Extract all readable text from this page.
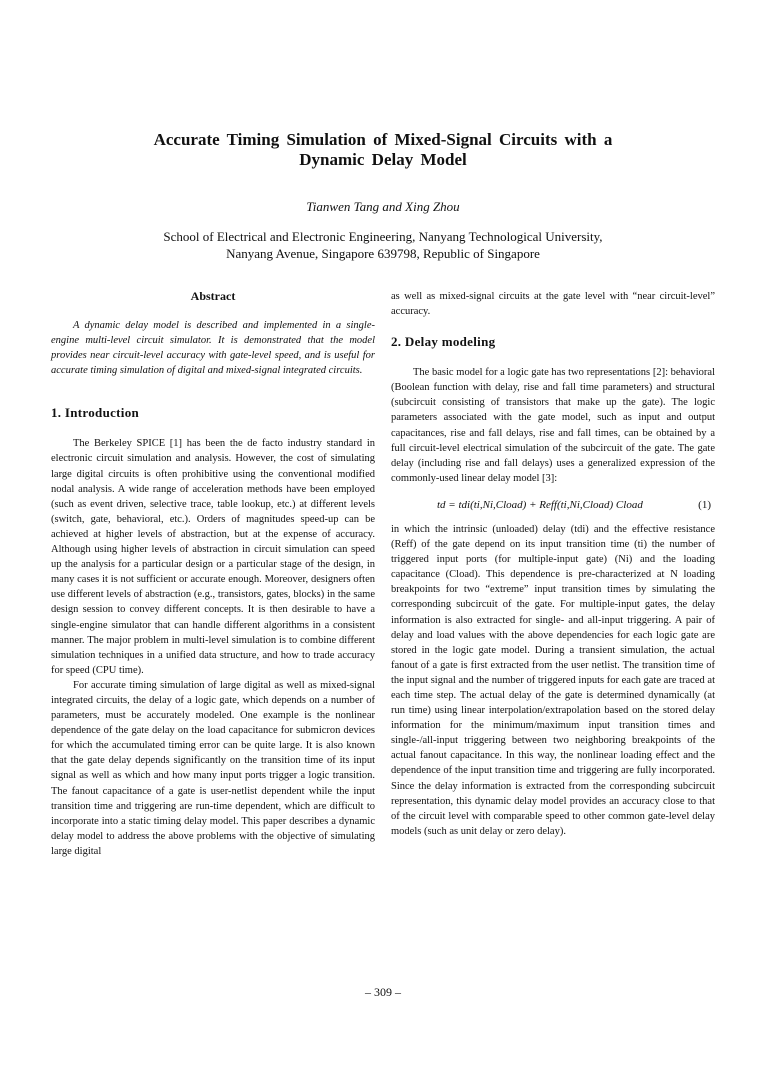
Accurate Timing Simulation of Mixed-Signal Circuits with a
Dynamic Delay Model
Tianwen Tang and Xing Zhou
School of Electrical and Electronic Engineering, Nanyang Technological University,
Nanyang Avenue, Singapore 639798, Republic of Singapore
Abstract

A dynamic delay model is described and implemented in a single-engine multi-level circuit simulator. It is demonstrated that the model provides near circuit-level accuracy with gate-level speed, and is useful for accurate timing simulation of digital and mixed-signal integrated circuits.

1. Introduction

The Berkeley SPICE [1] has been the de facto industry standard in electronic circuit simulation and analysis. However, the cost of simulating large digital circuits is often prohibitive using the conventional modified nodal analysis. A wide range of acceleration methods have been employed (such as event driven, selective trace, table lookup, etc.) at different levels (switch, gate, behavioral, etc.). Orders of magnitudes speed-up can be achieved at higher levels of abstraction, but at the expense of accuracy. Although using higher levels of abstraction in circuit simulation can speed up the analysis for a particular design or a particular stage of the design, in many cases it is not sufficient or accurate enough. Moreover, designers often use different levels of abstraction (e.g., transistors, gates, blocks) in the same design session to convey different concepts. It is then desirable to have a single-engine simulator that can handle different algorithms in a consistent manner. The major problem in multi-level simulation is to combine different simulation techniques in a unified data structure, and how to trade accuracy for speed (CPU time).

For accurate timing simulation of large digital as well as mixed-signal integrated circuits, the delay of a logic gate, which depends on a number of parameters, must be accurately modeled. One example is the nonlinear dependence of the gate delay on the load capacitance for submicron devices for which the accumulated timing error can be quite large. It is also known that the gate delay depends significantly on the transition time of its input signal as well as which and how many input ports trigger a logic transition. The fanout capacitance of a gate is user-netlist dependent while the input transition time and triggering are run-time dependent, which are difficult to incorporate into a static timing delay model. This paper describes a dynamic delay model to address the above problems with the objective of simulating large digital

as well as mixed-signal circuits at the gate level with “near circuit-level” accuracy.

2. Delay modeling

The basic model for a logic gate has two representations [2]: behavioral (Boolean function with delay, rise and fall time parameters) and structural (subcircuit consisting of transistors that make up the gate). The logic parameters associated with the gate model, such as input and output capacitances, rise and fall delays, rise and fall times, can be obtained by a full circuit-level electrical simulation of the subcircuit of the gate. The gate delay (including rise and fall delays) uses a generalized expression of the commonly-used linear delay model [3]:

td = tdi(ti,Ni,Cload) + Reff(ti,Ni,Cload) Cload	(1)

in which the intrinsic (unloaded) delay (tdi) and the effective resistance (Reff) of the gate depend on its input transition time (ti) the number of triggered input ports (for multiple-input gate) (Ni) and the loading capacitance (Cload). This dependence is pre-characterized at N loading breakpoints for two “extreme” input transition times by simulating the corresponding subcircuit of the gate. For multiple-input gates, the delay information is also extracted for single- and all-input triggering. A pair of delay and load values with the above dependencies for each logic gate are stored in the logic gate model. During a transient simulation, the actual fanout of a gate is first extracted from the user netlist. The transition time of the input signal and the number of triggered inputs for each gate are traced at each time step. The actual delay of the gate is determined dynamically (at run time) using linear interpolation/extrapolation based on the stored delay information for the minimum/maximum input transition times and single-/all-input triggering between two neighboring breakpoints of the actual fanout capacitance. In this way, the nonlinear loading effect and the dependence of the input transition time and triggering are fully incorporated. Since the delay information is extracted from the corresponding subcircuit representation, this dynamic delay model provides an accuracy close to that of the circuit level with comparable speed to other common gate-level delay models (such as unit delay or zero delay).

– 309 –
